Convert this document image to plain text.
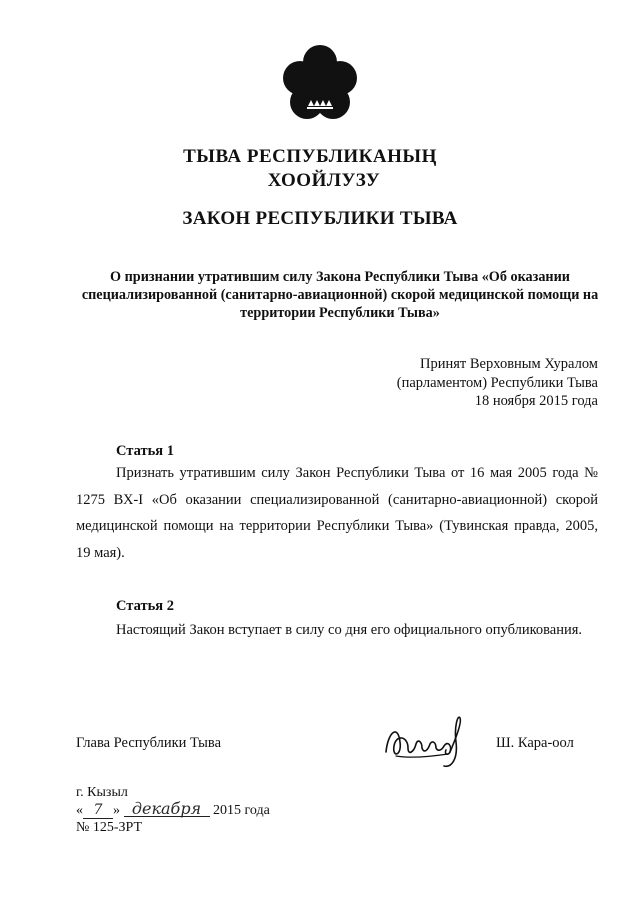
ТЫВА РЕСПУБЛИКАНЫҢ
ХООЙЛУЗУ
ЗАКОН РЕСПУБЛИКИ ТЫВА
О признании утратившим силу Закона Республики Тыва «Об оказании специализированной (санитарно-авиационной) скорой медицинской помощи на территории Республики Тыва»
Принят Верховным Хуралом
(парламентом) Республики Тыва
18 ноября 2015 года
Статья 1
Признать утратившим силу Закон Республики Тыва от 16 мая 2005 года № 1275 ВХ-I «Об оказании специализированной (санитарно-авиационной) скорой медицинской помощи на территории Республики Тыва» (Тувинская правда, 2005, 19 мая).
Статья 2
Настоящий Закон вступает в силу со дня его официального опубликования.
Глава Республики Тыва	Ш. Кара-оол
г. Кызыл
« 7 » декабря 2015 года
№ 125-ЗРТ
